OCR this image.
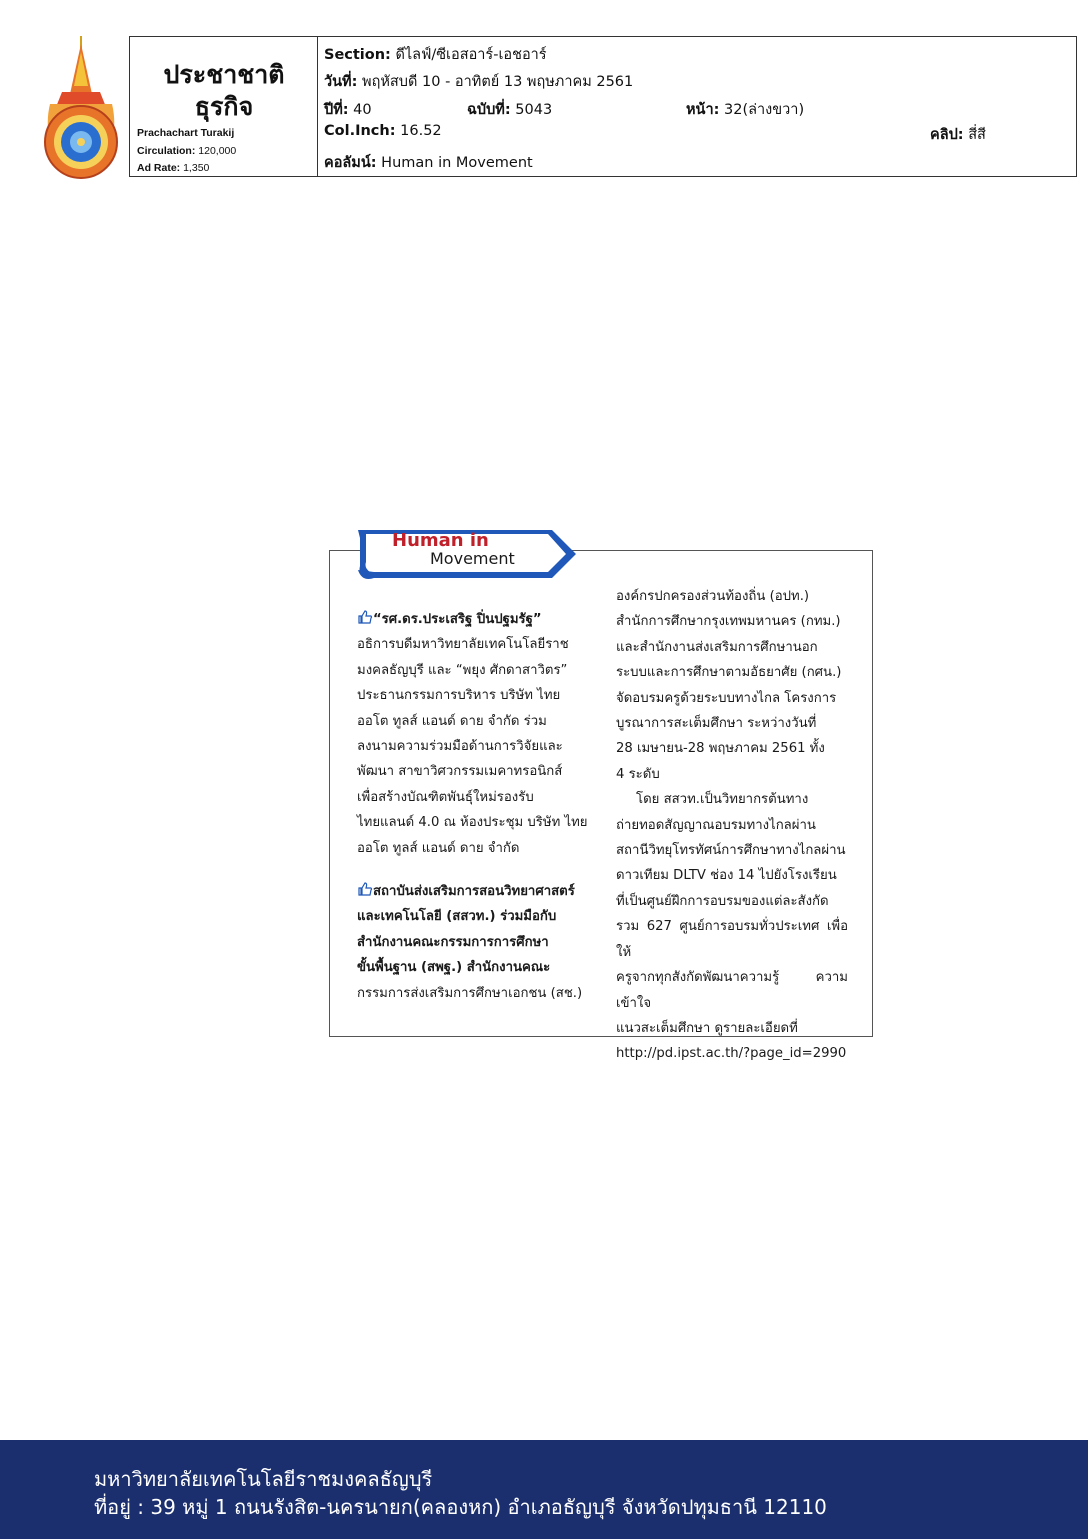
ประชาชาติ
ธุรกิจ
Prachachart Turakij
Circulation: 120,000
Ad Rate: 1,350
Section: ดีไลฟ์/ซีเอสอาร์-เอชอาร์
วันที่: พฤหัสบดี 10 - อาทิตย์ 13 พฤษภาคม 2561
ปีที่: 40	ฉบับที่: 5043	หน้า: 32(ล่างขวา)
Col.Inch: 16.52	คลิป: สี่สี
คอลัมน์: Human in Movement
Human in
Movement

“รศ.ดร.ประเสริฐ ปิ่นปฐมรัฐ”

อธิการบดีมหาวิทยาลัยเทคโนโลยีราช

มงคลธัญบุรี และ “พยุง ศักดาสาวิตร”

ประธานกรรมการบริหาร บริษัท ไทย

ออโต ทูลส์ แอนด์ ดาย จำกัด ร่วม

ลงนามความร่วมมือด้านการวิจัยและ

พัฒนา สาขาวิศวกรรมเมคาทรอนิกส์

เพื่อสร้างบัณฑิตพันธุ์ใหม่รองรับ

ไทยแลนด์ 4.0 ณ ห้องประชุม บริษัท ไทย

ออโต ทูลส์ แอนด์ ดาย จำกัด

สถาบันส่งเสริมการสอนวิทยาศาสตร์

และเทคโนโลยี (สสวท.) ร่วมมือกับ

สำนักงานคณะกรรมการการศึกษา

ขั้นพื้นฐาน (สพฐ.) สำนักงานคณะ

กรรมการส่งเสริมการศึกษาเอกชน (สช.)

องค์กรปกครองส่วนท้องถิ่น (อปท.)

สำนักการศึกษากรุงเทพมหานคร (กทม.)

และสำนักงานส่งเสริมการศึกษานอก

ระบบและการศึกษาตามอัธยาศัย (กศน.)

จัดอบรมครูด้วยระบบทางไกล โครงการ

บูรณาการสะเต็มศึกษา ระหว่างวันที่

28 เมษายน-28 พฤษภาคม 2561 ทั้ง

4 ระดับ

โดย สสวท.เป็นวิทยากรต้นทาง

ถ่ายทอดสัญญาณอบรมทางไกลผ่าน

สถานีวิทยุโทรทัศน์การศึกษาทางไกลผ่าน

ดาวเทียม DLTV ช่อง 14 ไปยังโรงเรียน

ที่เป็นศูนย์ฝึกการอบรมของแต่ละสังกัด

รวม 627 ศูนย์การอบรมทั่วประเทศ เพื่อให้

ครูจากทุกสังกัดพัฒนาความรู้ ความเข้าใจ

แนวสะเต็มศึกษา ดูรายละเอียดที่

http://pd.ipst.ac.th/?page_id=2990

มหาวิทยาลัยเทคโนโลยีราชมงคลธัญบุรี
ที่อยู่ : 39 หมู่ 1 ถนนรังสิต-นครนายก(คลองหก) อำเภอธัญบุรี จังหวัดปทุมธานี 12110
